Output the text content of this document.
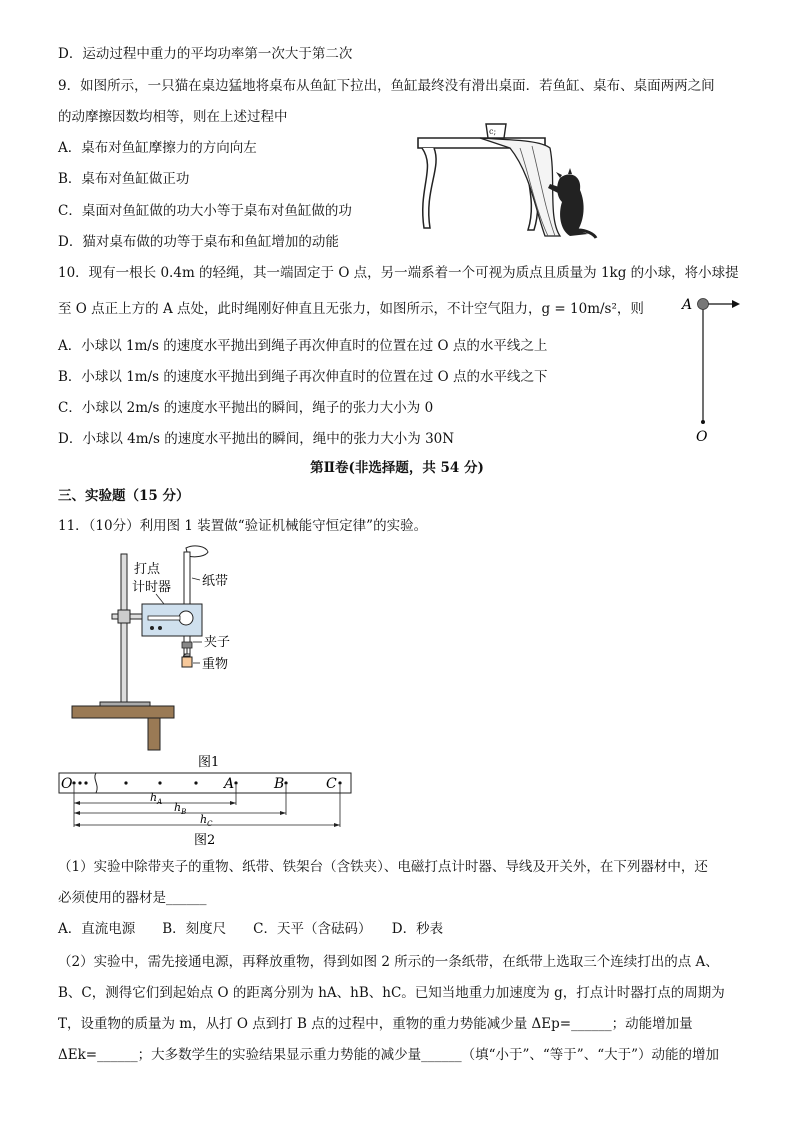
D．运动过程中重力的平均功率第一次大于第二次
9．如图所示，一只猫在桌边猛地将桌布从鱼缸下拉出，鱼缸最终没有滑出桌面．若鱼缸、桌布、桌面两两之间
的动摩擦因数均相等，则在上述过程中
A．桌布对鱼缸摩擦力的方向向左
B．桌布对鱼缸做正功
C．桌面对鱼缸做的功大小等于桌布对鱼缸做的功
D．猫对桌布做的功等于桌布和鱼缸增加的动能
c;
10．现有一根长 0.4m 的轻绳，其一端固定于 O 点，另一端系着一个可视为质点且质量为 1kg 的小球，将小球提
至 O 点正上方的 A 点处，此时绳刚好伸直且无张力，如图所示，不计空气阻力，g = 10m/s²，则
A．小球以 1m/s 的速度水平抛出到绳子再次伸直时的位置在过 O 点的水平线之上
B．小球以 1m/s 的速度水平抛出到绳子再次伸直时的位置在过 O 点的水平线之下
C．小球以 2m/s 的速度水平抛出的瞬间，绳子的张力大小为 0
D．小球以 4m/s 的速度水平抛出的瞬间，绳中的张力大小为 30N
A
O
第Ⅱ卷(非选择题，共 54 分)
三、实验题（15 分）
11．（10分）利用图 1 装置做“验证机械能守恒定律”的实验。
纸带
打点
计时器
夹子
重物
图1
O	A	B	C
$h_A$ $h_B$
$h_C$
图2
（1）实验中除带夹子的重物、纸带、铁架台（含铁夹）、电磁打点计时器、导线及开关外，在下列器材中，还
必须使用的器材是______
A．直流电源　　B．刻度尺　　C．天平（含砝码）　　D．秒表
（2）实验中，需先接通电源，再释放重物，得到如图 2 所示的一条纸带，在纸带上选取三个连续打出的点 A、
B、C，测得它们到起始点 O 的距离分别为 hA、hB、hC。已知当地重力加速度为 g，打点计时器打点的周期为
T，设重物的质量为 m，从打 O 点到打 B 点的过程中，重物的重力势能减少量 ΔEp=______；动能增加量
ΔEk=______；大多数学生的实验结果显示重力势能的减少量______（填“小于”、“等于”、“大于”）动能的增加
